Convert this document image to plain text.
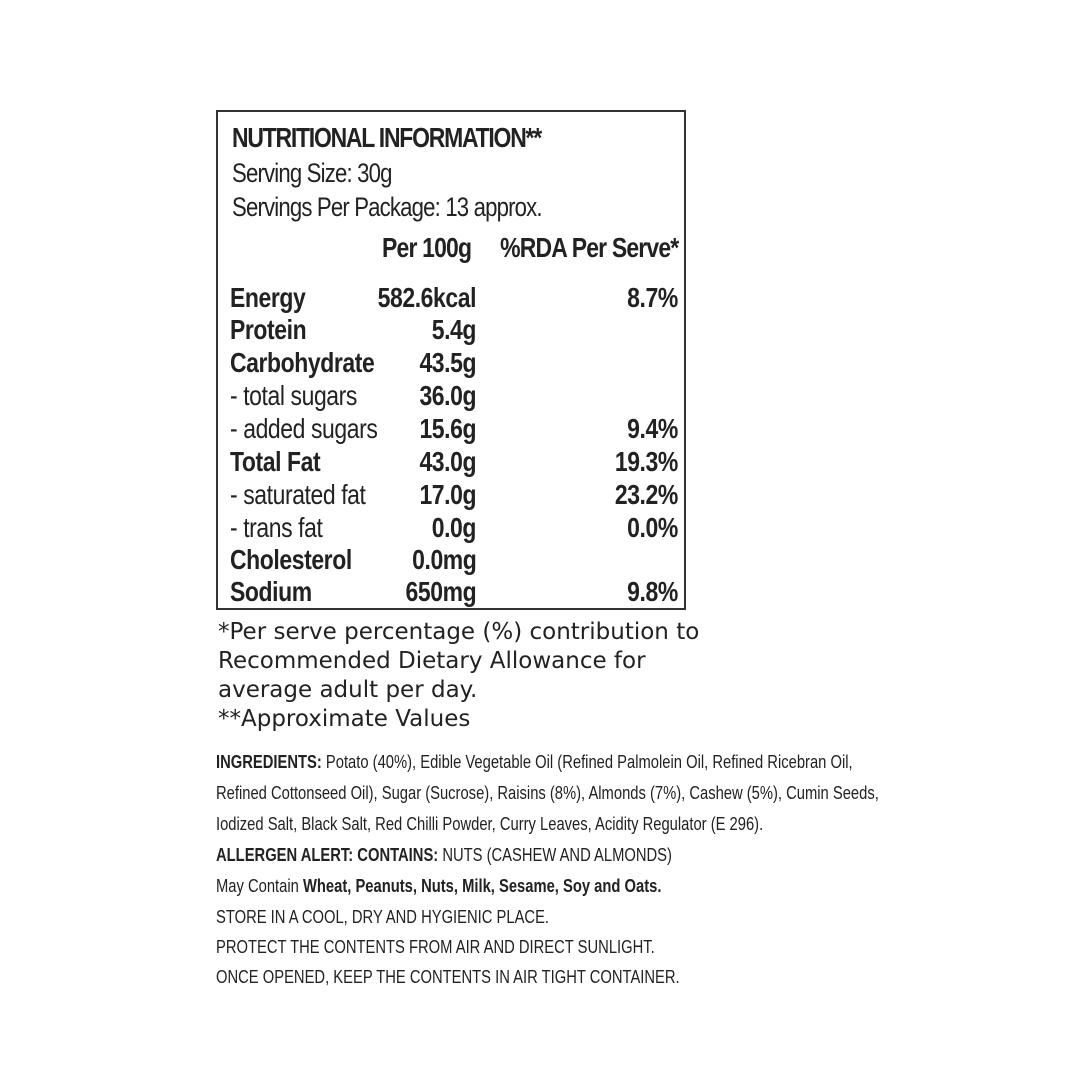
NUTRITIONAL INFORMATION**
Serving Size: 30g
Servings Per Package: 13 approx.
Per 100g %RDA Per Serve*
Energy	582.6kcal	8.7%
Protein	5.4g
Carbohydrate 43.5g
- total sugars 36.0g
- added sugars 15.6g	9.4%
Total Fat	43.0g	19.3%
- saturated fat 17.0g	23.2%
- trans fat	0.0g	0.0%
Cholesterol 0.0mg
Sodium	650mg	9.8%
*Per serve percentage (%) contribution to
Recommended Dietary Allowance for
average adult per day.
**Approximate Values
INGREDIENTS: Potato (40%), Edible Vegetable Oil (Refined Palmolein Oil, Refined Ricebran Oil,
Refined Cottonseed Oil), Sugar (Sucrose), Raisins (8%), Almonds (7%), Cashew (5%), Cumin Seeds,
Iodized Salt, Black Salt, Red Chilli Powder, Curry Leaves, Acidity Regulator (E 296).
ALLERGEN ALERT: CONTAINS: NUTS (CASHEW AND ALMONDS)
May Contain Wheat, Peanuts, Nuts, Milk, Sesame, Soy and Oats.
STORE IN A COOL, DRY AND HYGIENIC PLACE.
PROTECT THE CONTENTS FROM AIR AND DIRECT SUNLIGHT.
ONCE OPENED, KEEP THE CONTENTS IN AIR TIGHT CONTAINER.
